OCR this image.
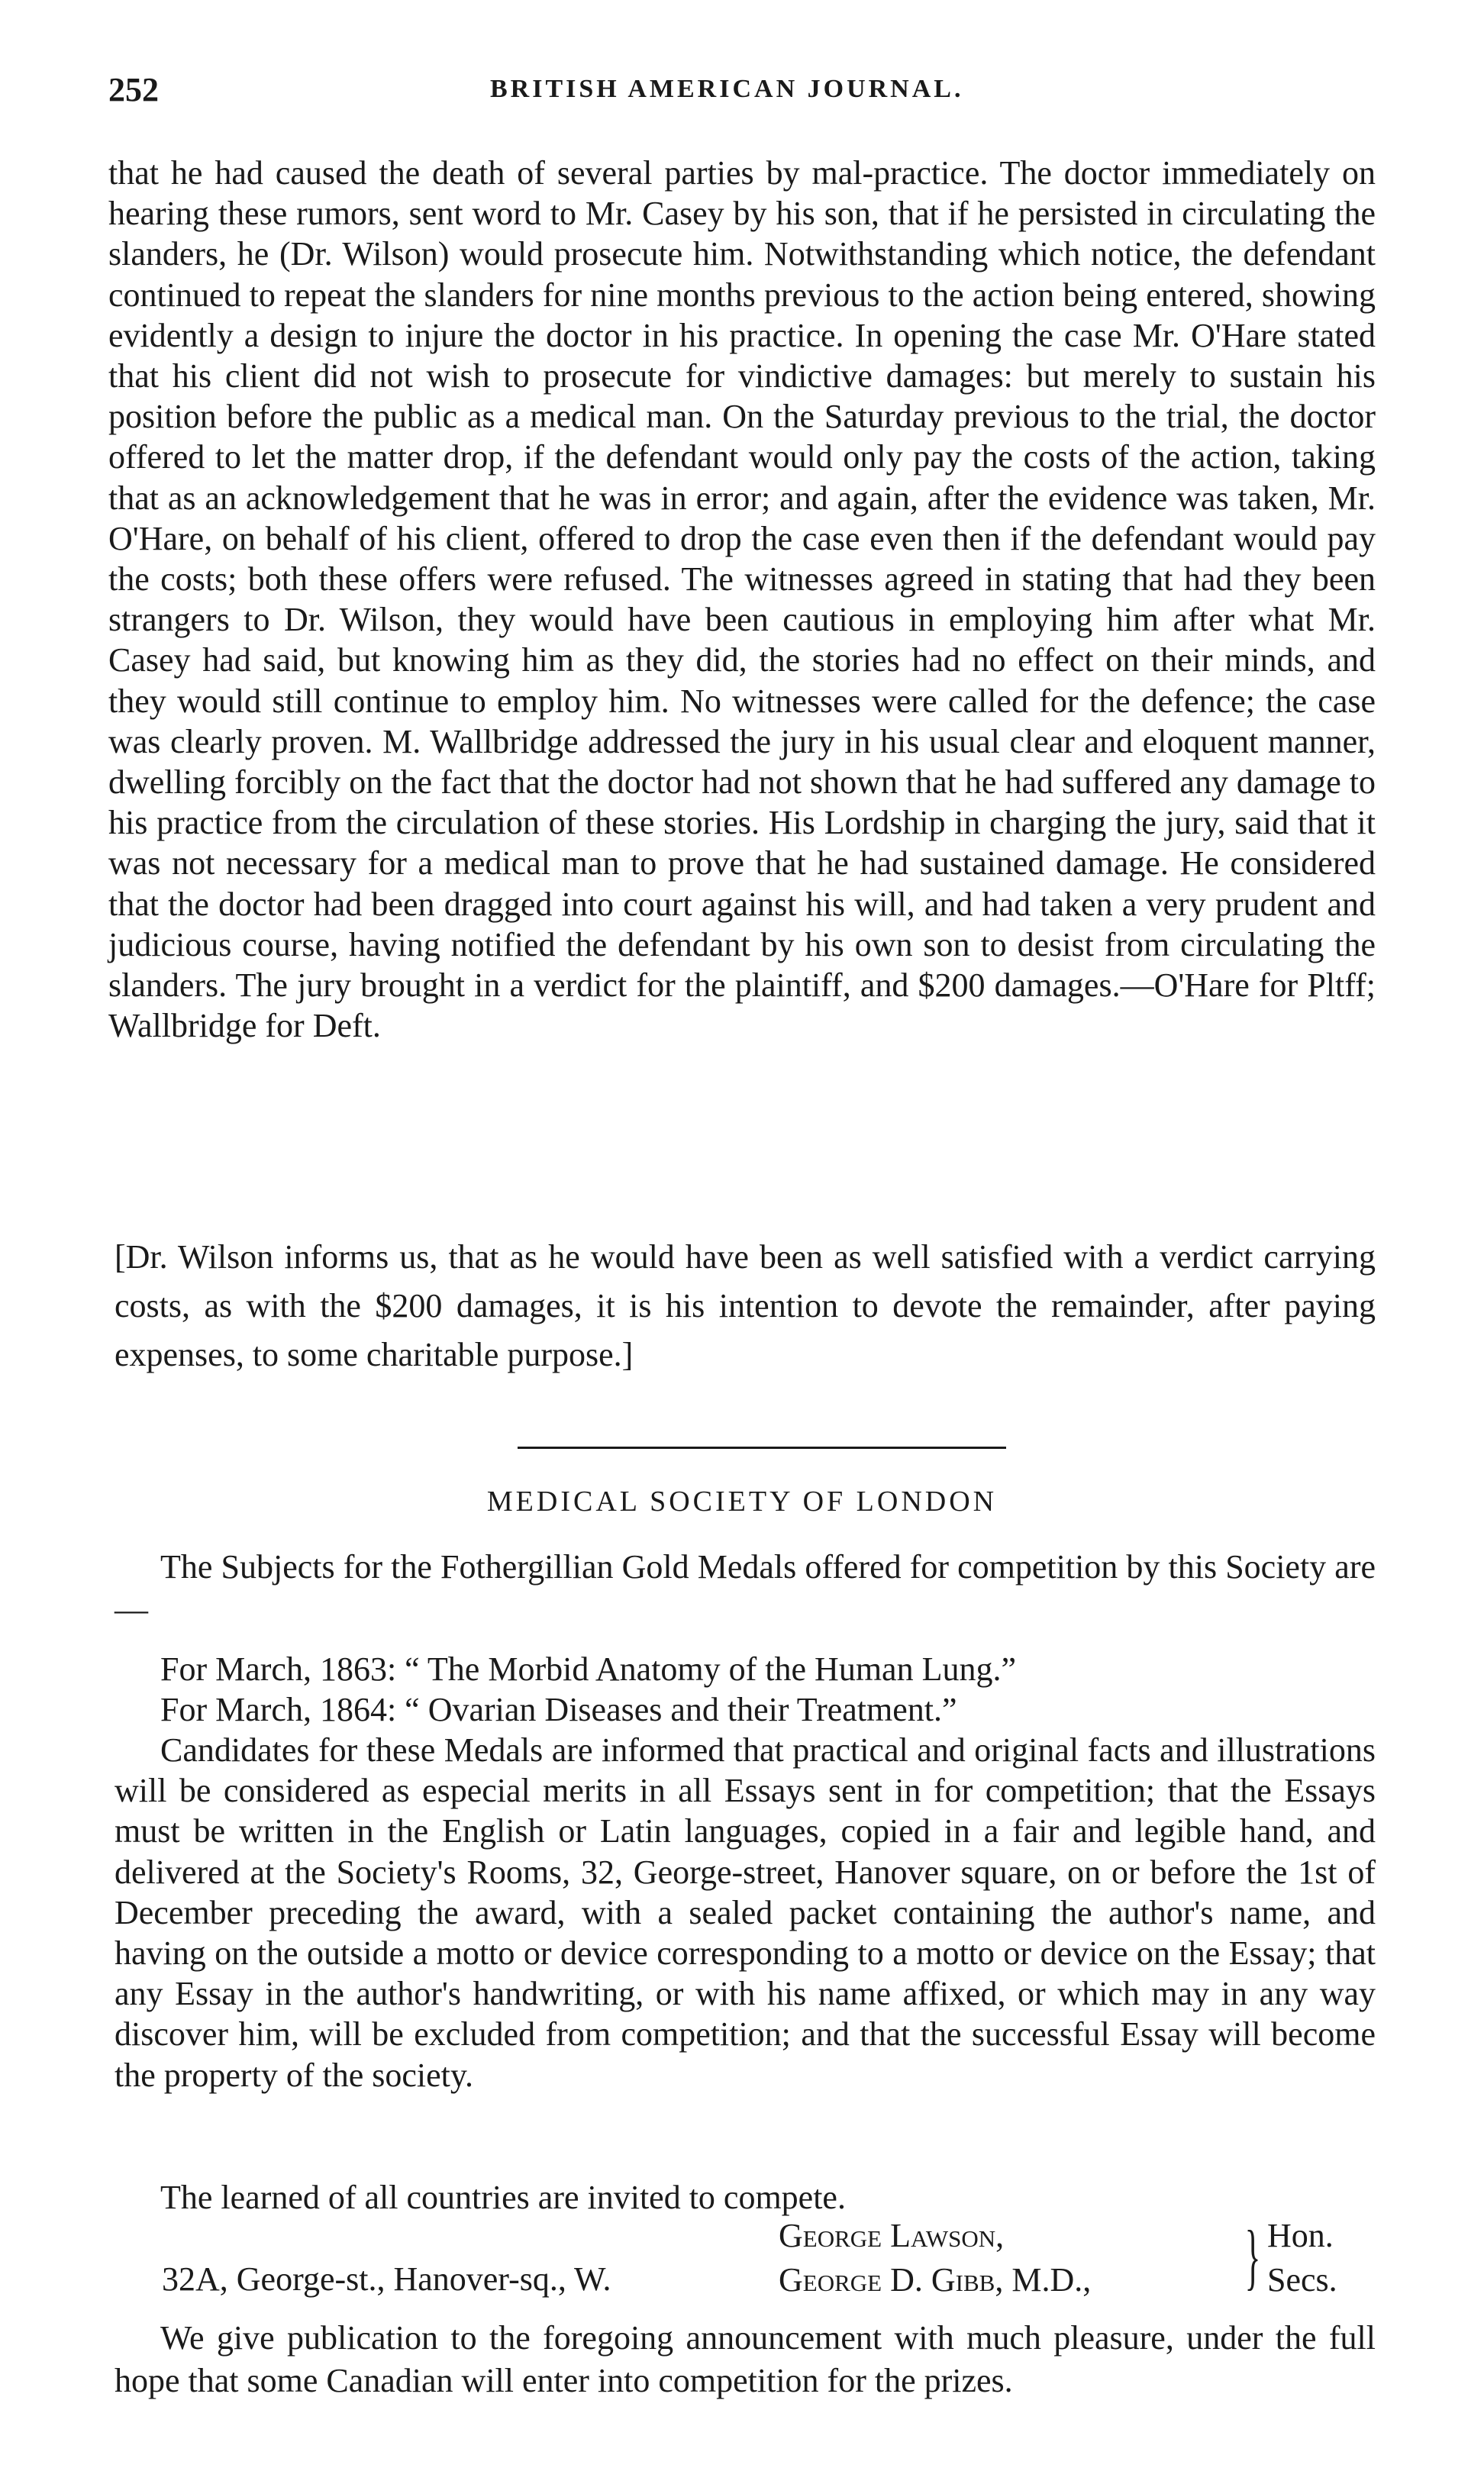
252	BRITISH AMERICAN JOURNAL.

that he had caused the death of several parties by mal-practice. The doctor immediately on hearing these rumors, sent word to Mr. Casey by his son, that if he persisted in circulating the slanders, he (Dr. Wilson) would prosecute him. Notwithstanding which notice, the defendant continued to repeat the slanders for nine months previous to the action being entered, showing evidently a design to injure the doctor in his practice. In opening the case Mr. O'Hare stated that his client did not wish to prosecute for vindictive damages: but merely to sustain his position before the public as a medical man. On the Saturday previous to the trial, the doctor offered to let the matter drop, if the defendant would only pay the costs of the action, taking that as an acknowledgement that he was in error; and again, after the evidence was taken, Mr. O'Hare, on behalf of his client, offered to drop the case even then if the defendant would pay the costs; both these offers were refused. The witnesses agreed in stating that had they been strangers to Dr. Wilson, they would have been cautious in employing him after what Mr. Casey had said, but knowing him as they did, the stories had no effect on their minds, and they would still continue to employ him. No witnesses were called for the defence; the case was clearly proven. M. Wallbridge addressed the jury in his usual clear and eloquent manner, dwelling forcibly on the fact that the doctor had not shown that he had suffered any damage to his practice from the circulation of these stories. His Lordship in charging the jury, said that it was not necessary for a medical man to prove that he had sustained damage. He considered that the doctor had been dragged into court against his will, and had taken a very prudent and judicious course, having notified the defendant by his own son to desist from circulating the slanders. The jury brought in a verdict for the plaintiff, and $200 damages.—O'Hare for Pltff; Wallbridge for Deft.

[Dr. Wilson informs us, that as he would have been as well satisfied with a verdict carrying costs, as with the $200 damages, it is his intention to devote the remainder, after paying expenses, to some charitable purpose.]

MEDICAL SOCIETY OF LONDON

The Subjects for the Fothergillian Gold Medals offered for competition by this Society are—

For March, 1863: “ The Morbid Anatomy of the Human Lung.”

For March, 1864: “ Ovarian Diseases and their Treatment.”

Candidates for these Medals are informed that practical and original facts and illustrations will be considered as especial merits in all Essays sent in for competition; that the Essays must be written in the English or Latin languages, copied in a fair and legible hand, and delivered at the Society's Rooms, 32, George-street, Hanover square, on or before the 1st of December preceding the award, with a sealed packet containing the author's name, and having on the outside a motto or device corresponding to a motto or device on the Essay; that any Essay in the author's handwriting, or with his name affixed, or which may in any way discover him, will be excluded from competition; and that the successful Essay will become the property of the society.

The learned of all countries are invited to compete.

32A, George-st., Hanover-sq., W.
George Lawson,
George D. Gibb, M.D., } Hon.
Secs.

We give publication to the foregoing announcement with much pleasure, under the full hope that some Canadian will enter into competition for the prizes.
